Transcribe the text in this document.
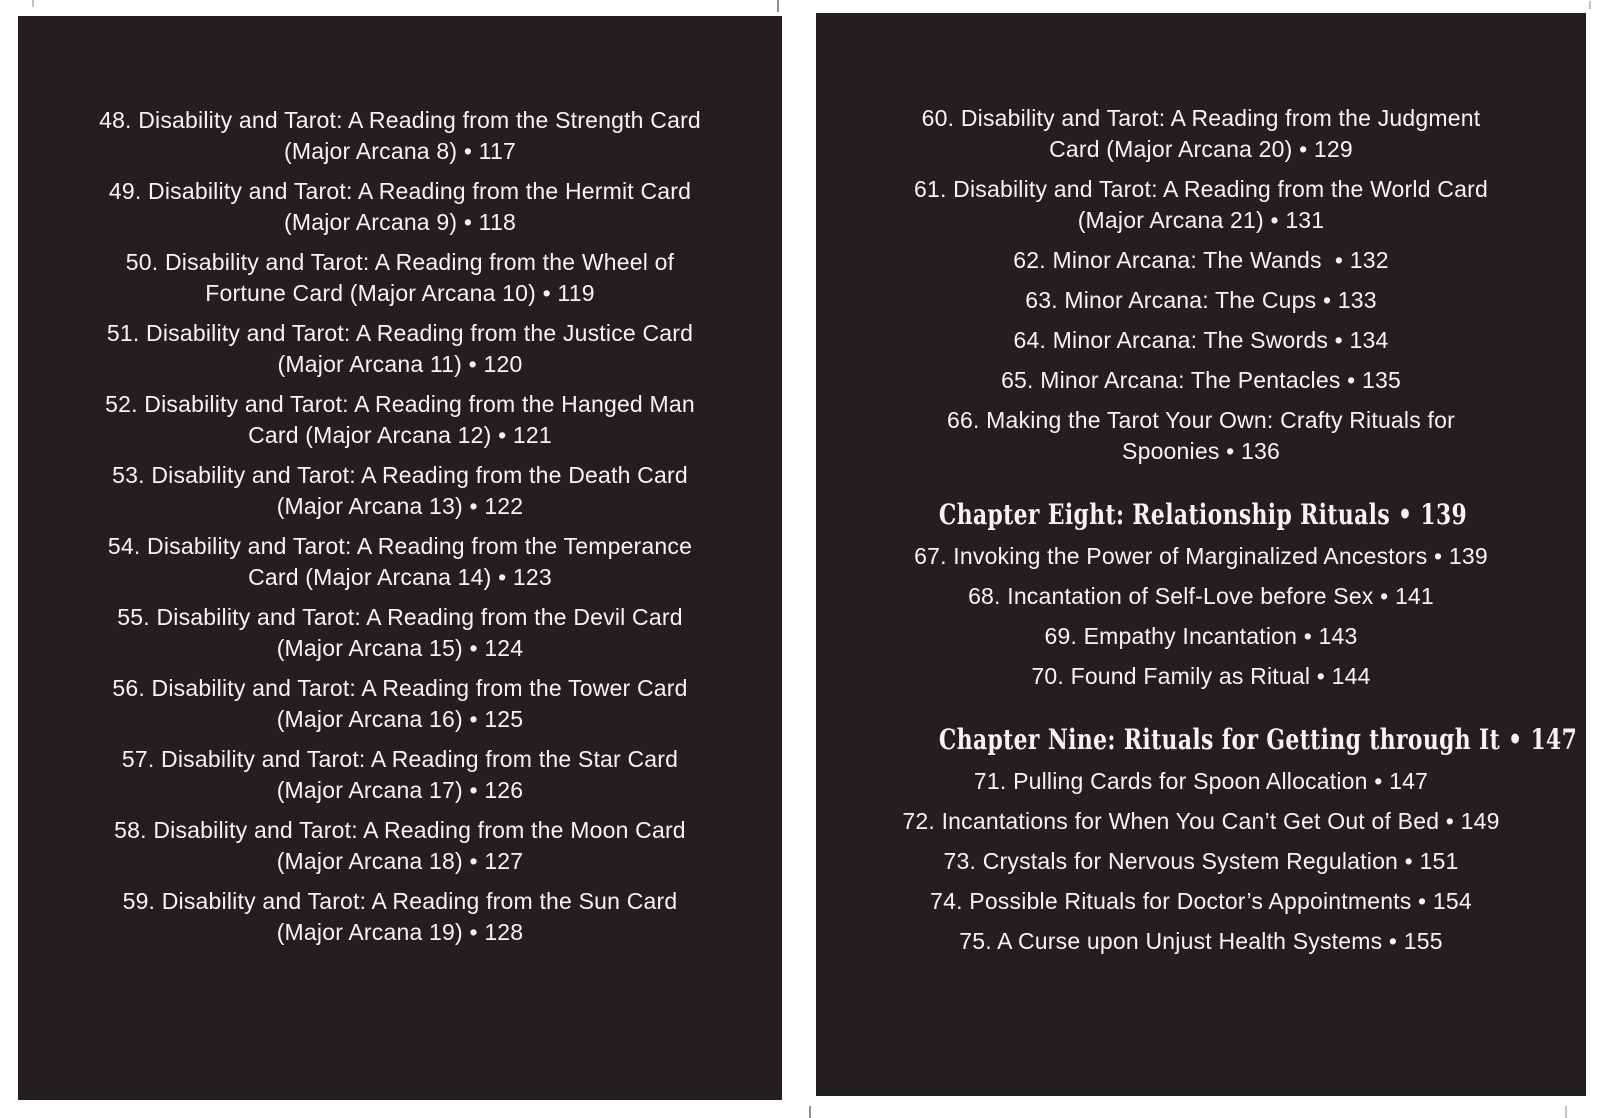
48. Disability and Tarot: A Reading from the Strength Card
(Major Arcana 8) • 117
49. Disability and Tarot: A Reading from the Hermit Card
(Major Arcana 9) • 118
50. Disability and Tarot: A Reading from the Wheel of
Fortune Card (Major Arcana 10) • 119
51. Disability and Tarot: A Reading from the Justice Card
(Major Arcana 11) • 120
52. Disability and Tarot: A Reading from the Hanged Man
Card (Major Arcana 12) • 121
53. Disability and Tarot: A Reading from the Death Card
(Major Arcana 13) • 122
54. Disability and Tarot: A Reading from the Temperance
Card (Major Arcana 14) • 123
55. Disability and Tarot: A Reading from the Devil Card
(Major Arcana 15) • 124
56. Disability and Tarot: A Reading from the Tower Card
(Major Arcana 16) • 125
57. Disability and Tarot: A Reading from the Star Card
(Major Arcana 17) • 126
58. Disability and Tarot: A Reading from the Moon Card
(Major Arcana 18) • 127
59. Disability and Tarot: A Reading from the Sun Card
(Major Arcana 19) • 128
60. Disability and Tarot: A Reading from the Judgment
Card (Major Arcana 20) • 129
61. Disability and Tarot: A Reading from the World Card
(Major Arcana 21) • 131
62. Minor Arcana: The Wands  • 132
63. Minor Arcana: The Cups • 133
64. Minor Arcana: The Swords • 134
65. Minor Arcana: The Pentacles • 135
66. Making the Tarot Your Own: Crafty Rituals for
Spoonies • 136
Chapter Eight: Relationship Rituals • 139
67. Invoking the Power of Marginalized Ancestors • 139
68. Incantation of Self-Love before Sex • 141
69. Empathy Incantation • 143
70. Found Family as Ritual • 144
Chapter Nine: Rituals for Getting through It • 147
71. Pulling Cards for Spoon Allocation • 147
72. Incantations for When You Can’t Get Out of Bed • 149
73. Crystals for Nervous System Regulation • 151
74. Possible Rituals for Doctor’s Appointments • 154
75. A Curse upon Unjust Health Systems • 155
